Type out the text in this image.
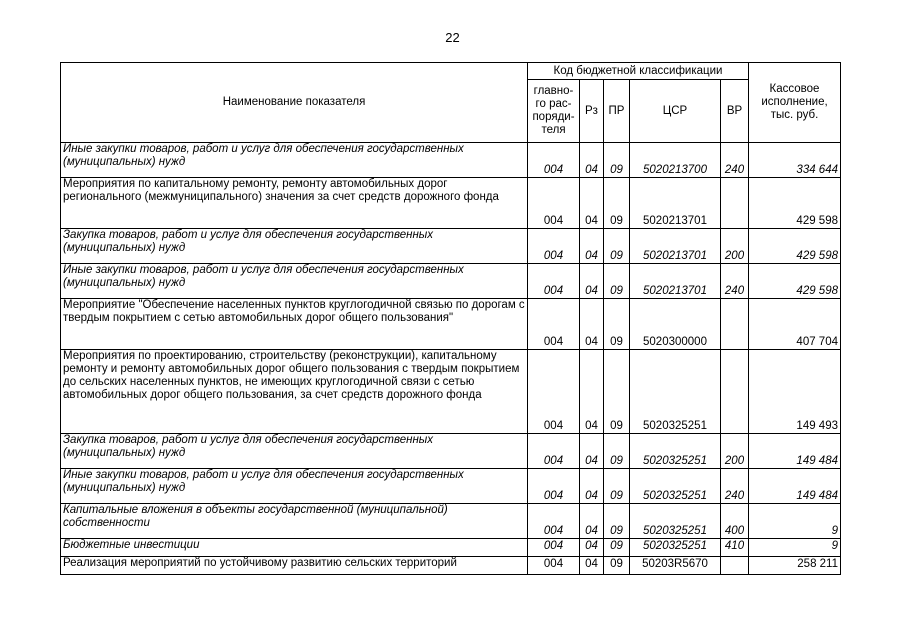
22
Наименование показателя	Код бюджетной классификации					Кассовое исполнение, тыс. руб.
	главно-го рас-поряди-теля	Рз	ПР	ЦСР	ВР	
Иные закупки товаров, работ и услуг для обеспечения государственных (муниципальных) нужд	004	04	09	5020213700	240	334 644
Мероприятия по капитальному ремонту, ремонту автомобильных дорог регионального (межмуниципального) значения за счет средств дорожного фонда	004	04	09	5020213701		429 598
Закупка товаров, работ и услуг для обеспечения государственных (муниципальных) нужд	004	04	09	5020213701	200	429 598
Иные закупки товаров, работ и услуг для обеспечения государственных (муниципальных) нужд	004	04	09	5020213701	240	429 598
Мероприятие "Обеспечение населенных пунктов круглогодичной связью по дорогам с твердым покрытием с сетью автомобильных дорог общего пользования"	004	04	09	5020300000		407 704
Мероприятия по проектированию, строительству (реконструкции), капитальному ремонту и ремонту автомобильных дорог общего пользования с твердым покрытием до сельских населенных пунктов, не имеющих круглогодичной связи с сетью автомобильных дорог общего пользования, за счет средств дорожного фонда	004	04	09	5020325251		149 493
Закупка товаров, работ и услуг для обеспечения государственных (муниципальных) нужд	004	04	09	5020325251	200	149 484
Иные закупки товаров, работ и услуг для обеспечения государственных (муниципальных) нужд	004	04	09	5020325251	240	149 484
Капитальные вложения в объекты государственной (муниципальной) собственности	004	04	09	5020325251	400	9
Бюджетные инвестиции	004	04	09	5020325251	410	9
Реализация мероприятий по устойчивому развитию сельских территорий	004	04	09	50203R5670		258 211
